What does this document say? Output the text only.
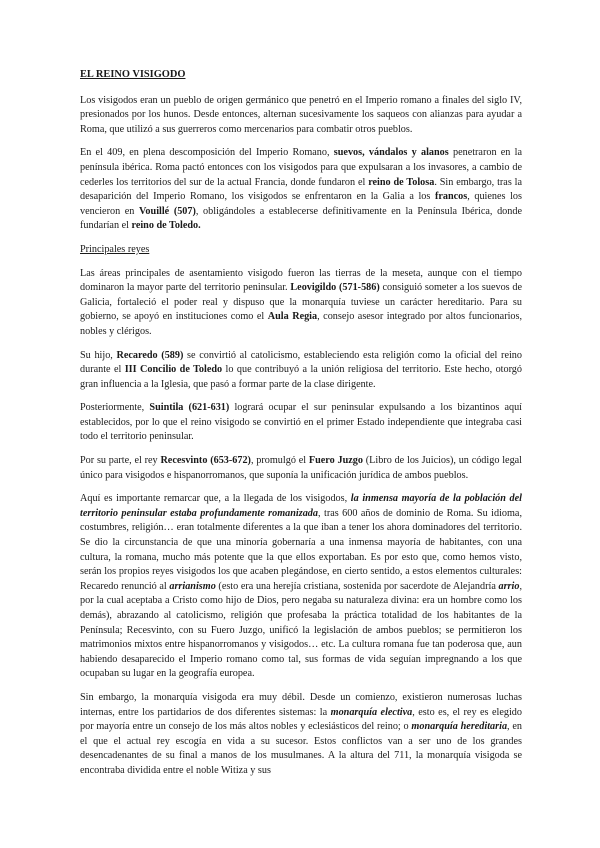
EL REINO VISIGODO

Los visigodos eran un pueblo de origen germánico que penetró en el Imperio romano a finales del siglo IV, presionados por los hunos. Desde entonces, alternan sucesivamente los saqueos con alianzas para ayudar a Roma, que utilizó a sus guerreros como mercenarios para combatir otros pueblos.

En el 409, en plena descomposición del Imperio Romano, suevos, vándalos y alanos penetraron en la península ibérica. Roma pactó entonces con los visigodos para que expulsaran a los invasores, a cambio de cederles los territorios del sur de la actual Francia, donde fundaron el reino de Tolosa. Sin embargo, tras la desaparición del Imperio Romano, los visigodos se enfrentaron en la Galia a los francos, quienes los vencieron en Vouillé (507), obligándoles a establecerse definitivamente en la Península Ibérica, donde fundarían el reino de Toledo.

Principales reyes

Las áreas principales de asentamiento visigodo fueron las tierras de la meseta, aunque con el tiempo dominaron la mayor parte del territorio peninsular. Leovigildo (571-586) consiguió someter a los suevos de Galicia, fortaleció el poder real y dispuso que la monarquía tuviese un carácter hereditario. Para su gobierno, se apoyó en instituciones como el Aula Regia, consejo asesor integrado por altos funcionarios, nobles y clérigos.

Su hijo, Recaredo (589) se convirtió al catolicismo, estableciendo esta religión como la oficial del reino durante el III Concilio de Toledo lo que contribuyó a la unión religiosa del territorio. Este hecho, otorgó gran influencia a la Iglesia, que pasó a formar parte de la clase dirigente.

Posteriormente, Suintila (621-631) logrará ocupar el sur peninsular expulsando a los bizantinos aquí establecidos, por lo que el reino visigodo se convirtió en el primer Estado independiente que integraba casi todo el territorio peninsular.

Por su parte, el rey Recesvinto (653-672), promulgó el Fuero Juzgo (Libro de los Juicios), un código legal único para visigodos e hispanorromanos, que suponía la unificación jurídica de ambos pueblos.

Aquí es importante remarcar que, a la llegada de los visigodos, la inmensa mayoría de la población del territorio peninsular estaba profundamente romanizada, tras 600 años de dominio de Roma. Su idioma, costumbres, religión… eran totalmente diferentes a la que iban a tener los ahora dominadores del territorio. Se dio la circunstancia de que una minoría gobernaría a una inmensa mayoría de habitantes, con una cultura, la romana, mucho más potente que la que ellos exportaban. Es por esto que, como hemos visto, serán los propios reyes visigodos los que acaben plegándose, en cierto sentido, a estos elementos culturales: Recaredo renunció al arrianismo (esto era una herejía cristiana, sostenida por sacerdote de Alejandría arrio, por la cual aceptaba a Cristo como hijo de Dios, pero negaba su naturaleza divina: era un hombre como los demás), abrazando al catolicismo, religión que profesaba la práctica totalidad de los habitantes de la Península; Recesvinto, con su Fuero Juzgo, unificó la legislación de ambos pueblos; se permitieron los matrimonios mixtos entre hispanorromanos y visigodos… etc. La cultura romana fue tan poderosa que, aun habiendo desaparecido el Imperio romano como tal, sus formas de vida seguían impregnando a los que ocupaban su lugar en la geografía europea.

Sin embargo, la monarquía visigoda era muy débil. Desde un comienzo, existieron numerosas luchas internas, entre los partidarios de dos diferentes sistemas: la monarquía electiva, esto es, el rey es elegido por mayoría entre un consejo de los más altos nobles y eclesiásticos del reino; o monarquía hereditaria, en el que el actual rey escogía en vida a su sucesor. Estos conflictos van a ser uno de los grandes desencadenantes de su final a manos de los musulmanes. A la altura del 711, la monarquía visigoda se encontraba dividida entre el noble Witiza y sus
